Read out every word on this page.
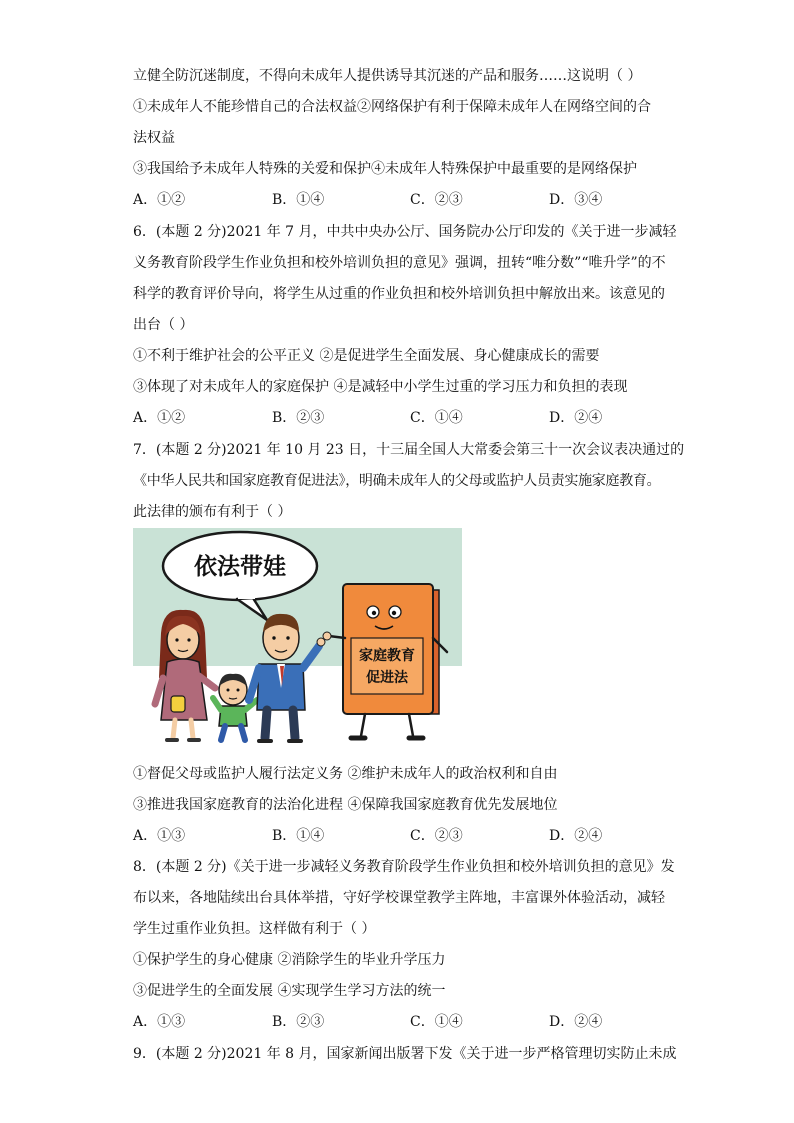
立健全防沉迷制度，不得向未成年人提供诱导其沉迷的产品和服务……这说明（ ）
①未成年人不能珍惜自己的合法权益②网络保护有利于保障未成年人在网络空间的合
法权益
③我国给予未成年人特殊的关爱和保护④未成年人特殊保护中最重要的是网络保护
A．①②	B．①④	C．②③	D．③④
6．(本题 2 分)2021 年 7 月，中共中央办公厅、国务院办公厅印发的《关于进一步减轻
义务教育阶段学生作业负担和校外培训负担的意见》强调，扭转“唯分数”“唯升学”的不
科学的教育评价导向，将学生从过重的作业负担和校外培训负担中解放出来。该意见的
出台（ ）
①不利于维护社会的公平正义 ②是促进学生全面发展、身心健康成长的需要
③体现了对未成年人的家庭保护 ④是减轻中小学生过重的学习压力和负担的表现
A．①②	B．②③	C．①④	D．②④
7．(本题 2 分)2021 年 10 月 23 日，十三届全国人大常委会第三十一次会议表决通过的
《中华人民共和国家庭教育促进法》，明确未成年人的父母或监护人员责实施家庭教育。
此法律的颁布有利于（ ）
依法带娃
家庭教育
促进法
①督促父母或监护人履行法定义务 ②维护未成年人的政治权利和自由
③推进我国家庭教育的法治化进程 ④保障我国家庭教育优先发展地位
A．①③	B．①④	C．②③	D．②④
8．(本题 2 分)《关于进一步减轻义务教育阶段学生作业负担和校外培训负担的意见》发
布以来，各地陆续出台具体举措，守好学校课堂教学主阵地，丰富课外体验活动，减轻
学生过重作业负担。这样做有利于（ ）
①保护学生的身心健康 ②消除学生的毕业升学压力
③促进学生的全面发展 ④实现学生学习方法的统一
A．①③	B．②③	C．①④	D．②④
9．(本题 2 分)2021 年 8 月，国家新闻出版署下发《关于进一步严格管理切实防止未成
